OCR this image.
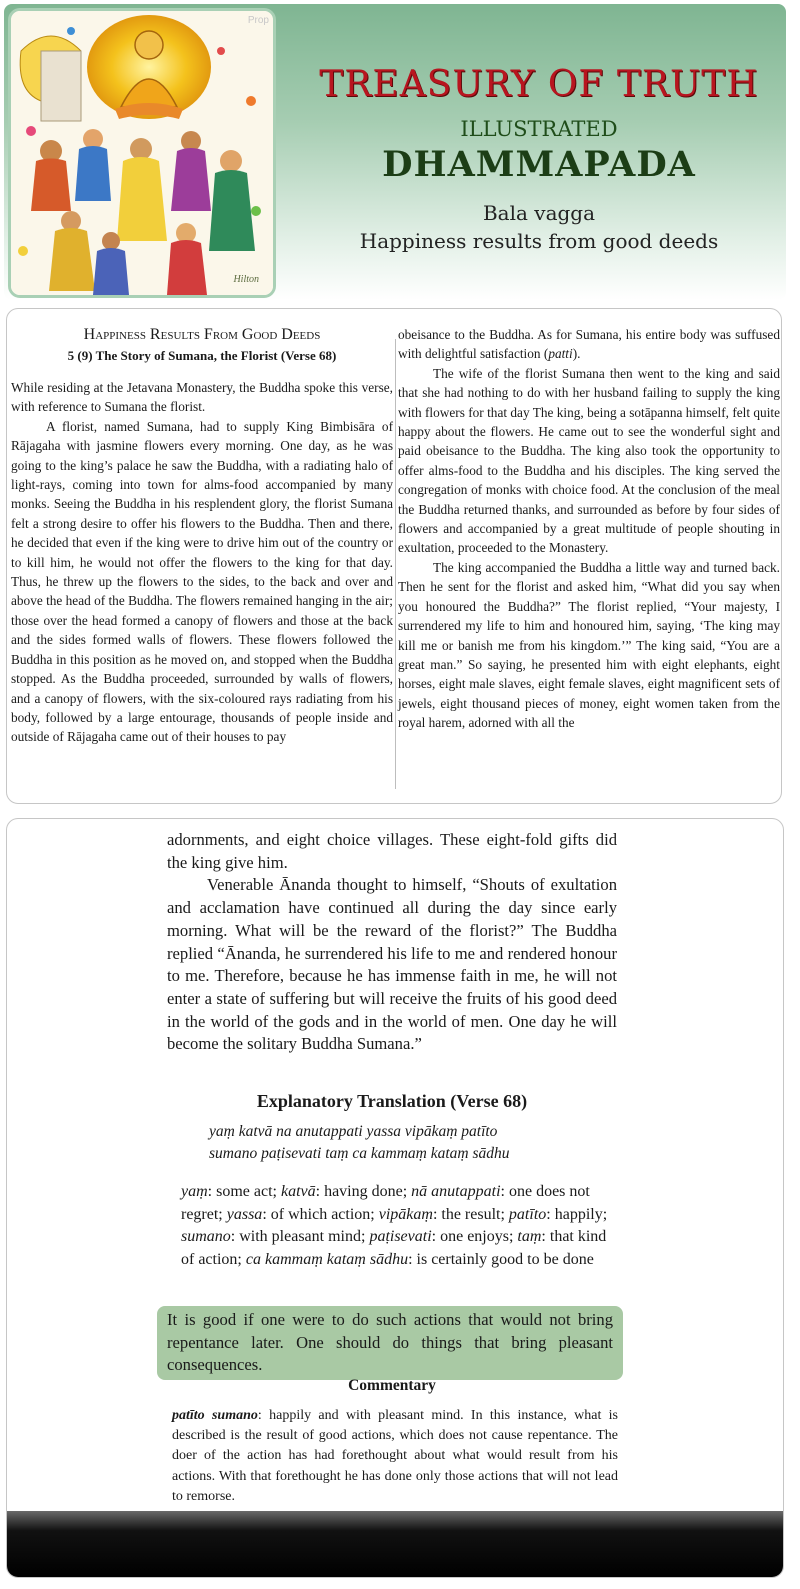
Prop
Hilton
TREASURY OF TRUTH
ILLUSTRATED
DHAMMAPADA
Bala vagga
Happiness results from good deeds
Happiness Results From Good Deeds
5 (9) The Story of Sumana, the Florist (Verse 68)

While residing at the Jetavana Monastery, the Buddha spoke this verse, with reference to Sumana the florist.

A florist, named Sumana, had to supply King Bimbisāra of Rājagaha with jasmine flowers every morning. One day, as he was going to the king’s palace he saw the Buddha, with a radiating halo of light-rays, coming into town for alms-food accompanied by many monks. Seeing the Buddha in his resplendent glory, the florist Sumana felt a strong desire to offer his flowers to the Buddha. Then and there, he decided that even if the king were to drive him out of the country or to kill him, he would not offer the flowers to the king for that day. Thus, he threw up the flowers to the sides, to the back and over and above the head of the Buddha. The flowers remained hanging in the air; those over the head formed a canopy of flowers and those at the back and the sides formed walls of flowers. These flowers followed the Buddha in this position as he moved on, and stopped when the Buddha stopped. As the Buddha proceeded, surrounded by walls of flowers, and a canopy of flowers, with the six-coloured rays radiating from his body, followed by a large entourage, thousands of people inside and outside of Rājagaha came out of their houses to pay

obeisance to the Buddha. As for Sumana, his entire body was suffused with delightful satisfaction (patti).

The wife of the florist Sumana then went to the king and said that she had nothing to do with her husband failing to supply the king with flowers for that day The king, being a sotāpanna himself, felt quite happy about the flowers. He came out to see the wonderful sight and paid obeisance to the Buddha. The king also took the opportunity to offer alms-food to the Buddha and his disciples. The king served the congregation of monks with choice food. At the conclusion of the meal the Buddha returned thanks, and surrounded as before by four sides of flowers and accompanied by a great multitude of people shouting in exultation, proceeded to the Monastery.

The king accompanied the Buddha a little way and turned back. Then he sent for the florist and asked him, “What did you say when you honoured the Buddha?” The florist replied, “Your majesty, I surrendered my life to him and honoured him, saying, ‘The king may kill me or banish me from his kingdom.’” The king said, “You are a great man.” So saying, he presented him with eight elephants, eight horses, eight male slaves, eight female slaves, eight magnificent sets of jewels, eight thousand pieces of money, eight women taken from the royal harem, adorned with all the

adornments, and eight choice villages. These eight-fold gifts did the king give him.

Venerable Ānanda thought to himself, “Shouts of exultation and acclamation have continued all during the day since early morning. What will be the reward of the florist?” The Buddha replied “Ānanda, he surrendered his life to me and rendered honour to me. Therefore, because he has immense faith in me, he will not enter a state of suffering but will receive the fruits of his good deed in the world of the gods and in the world of men. One day he will become the solitary Buddha Sumana.”

Explanatory Translation (Verse 68)
yaṃ katvā na anutappati yassa vipākaṃ patīto
sumano paṭisevati taṃ ca kammaṃ kataṃ sādhu
yaṃ: some act; katvā: having done; nā anutappati: one does not regret; yassa: of which action; vipākaṃ: the result; patīto: happily; sumano: with pleasant mind; paṭisevati: one enjoys; taṃ: that kind of action; ca kammaṃ kataṃ sādhu: is certainly good to be done
It is good if one were to do such actions that would not bring repentance later. One should do things that bring pleasant consequences.
Commentary
patīto sumano: happily and with pleasant mind. In this instance, what is described is the result of good actions, which does not cause repentance. The doer of the action has had forethought about what would result from his actions. With that forethought he has done only those actions that will not lead to remorse.
